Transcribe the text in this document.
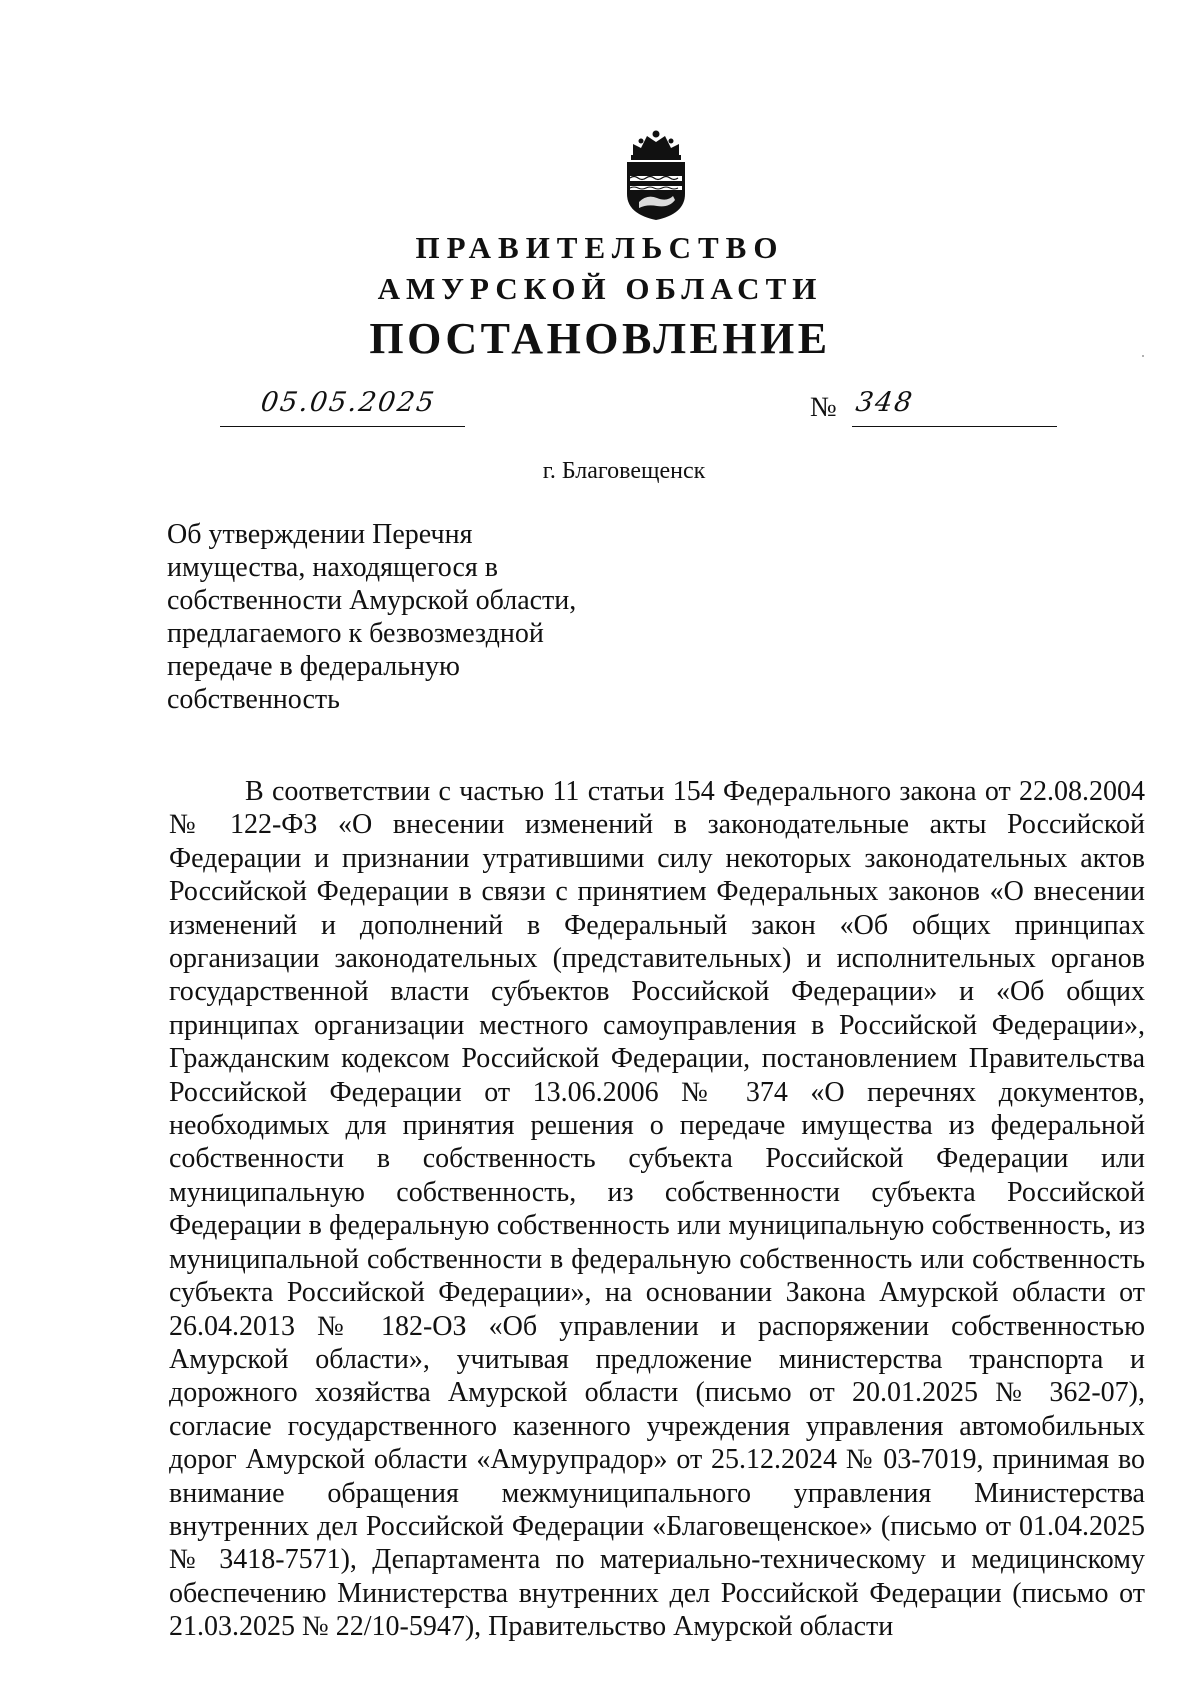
ПРАВИТЕЛЬСТВО
АМУРСКОЙ ОБЛАСТИ
ПОСТАНОВЛЕНИЕ
05.05.2025	№ 348
г. Благовещенск
Об утверждении Перечня
имущества, находящегося в
собственности Амурской области,
предлагаемого к безвозмездной
передаче в федеральную
собственность

В соответствии с частью 11 статьи 154 Федерального закона от 22.08.2004 № 122-ФЗ «О внесении изменений в законодательные акты Российской Федерации и признании утратившими силу некоторых законодательных актов Российской Федерации в связи с принятием Федеральных законов «О внесении изменений и дополнений в Федеральный закон «Об общих принципах организации законодательных (представительных) и исполнительных органов государственной власти субъектов Российской Федерации» и «Об общих принципах организации местного самоуправления в Российской Федерации», Гражданским кодексом Российской Федерации, постановлением Правительства Российской Федерации от 13.06.2006 № 374 «О перечнях документов, необходимых для принятия решения о передаче имущества из федеральной собственности в собственность субъекта Российской Федерации или муниципальную собственность, из собственности субъекта Российской Федерации в федеральную собственность или муниципальную собственность, из муниципальной собственности в федеральную собственность или собственность субъекта Российской Федерации», на основании Закона Амурской области от 26.04.2013 № 182-ОЗ «Об управлении и распоряжении собственностью Амурской области», учитывая предложение министерства транспорта и дорожного хозяйства Амурской области (письмо от 20.01.2025 № 362-07), согласие государственного казенного учреждения управления автомобильных дорог Амурской области «Амурупрадор» от 25.12.2024 № 03-7019, принимая во внимание обращения межмуниципального управления Министерства внутренних дел Российской Федерации «Благовещенское» (письмо от 01.04.2025 № 3418-7571), Департамента по материально-техническому и медицинскому обеспечению Министерства внутренних дел Российской Федерации (письмо от 21.03.2025 № 22/10-5947), Правительство Амурской области
